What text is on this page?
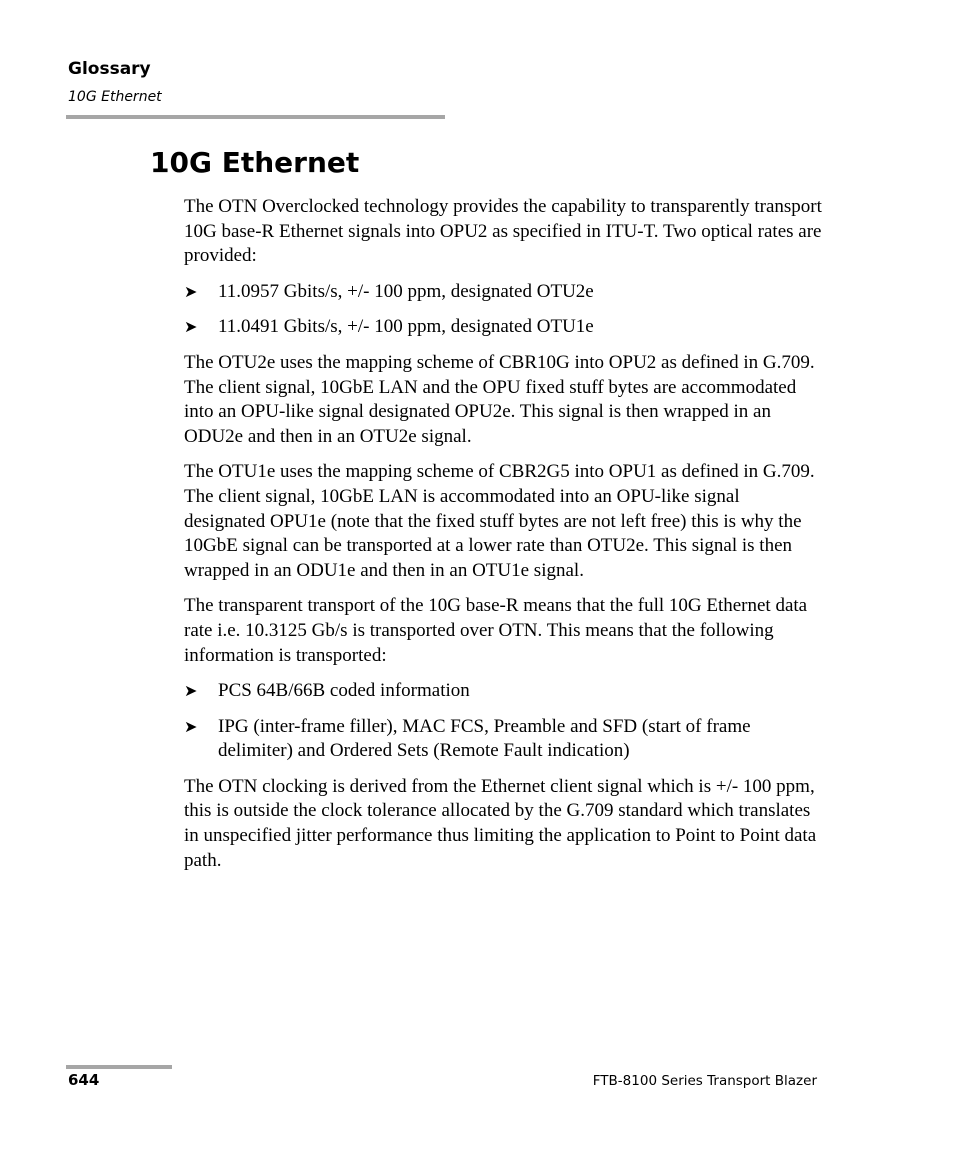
Glossary
10G Ethernet
10G Ethernet

The OTN Overclocked technology provides the capability to transparently transport 10G base-R Ethernet signals into OPU2 as specified in ITU-T. Two optical rates are provided:

➤ 11.0957 Gbits/s, +/- 100 ppm, designated OTU2e
➤ 11.0491 Gbits/s, +/- 100 ppm, designated OTU1e

The OTU2e uses the mapping scheme of CBR10G into OPU2 as defined in G.709. The client signal, 10GbE LAN and the OPU fixed stuff bytes are accommodated into an OPU-like signal designated OPU2e. This signal is then wrapped in an ODU2e and then in an OTU2e signal.

The OTU1e uses the mapping scheme of CBR2G5 into OPU1 as defined in G.709. The client signal, 10GbE LAN is accommodated into an OPU-like signal designated OPU1e (note that the fixed stuff bytes are not left free) this is why the 10GbE signal can be transported at a lower rate than OTU2e. This signal is then wrapped in an ODU1e and then in an OTU1e signal.

The transparent transport of the 10G base-R means that the full 10G Ethernet data rate i.e. 10.3125 Gb/s is transported over OTN. This means that the following information is transported:

➤ PCS 64B/66B coded information
➤ IPG (inter-frame filler), MAC FCS, Preamble and SFD (start of frame delimiter) and Ordered Sets (Remote Fault indication)

The OTN clocking is derived from the Ethernet client signal which is +/- 100 ppm, this is outside the clock tolerance allocated by the G.709 standard which translates in unspecified jitter performance thus limiting the application to Point to Point data path.

644	FTB-8100 Series Transport Blazer
